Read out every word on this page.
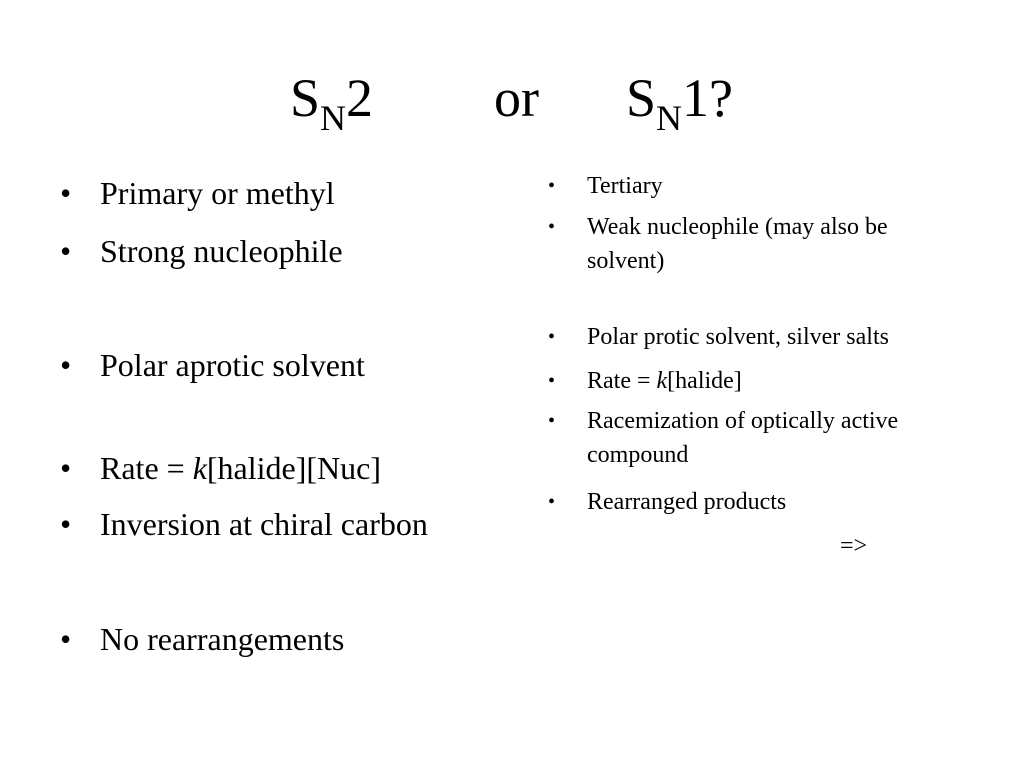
$S_N2$ or $S_N1$?
• Primary or methyl
• Strong nucleophile
• Polar aprotic solvent
• Rate = k[halide][Nuc]
• Inversion at chiral carbon
• No rearrangements
• Tertiary
• Weak nucleophile (may also be solvent)
• Polar protic solvent, silver salts
• Rate = k[halide]
• Racemization of optically active compound
• Rearranged products
=>
